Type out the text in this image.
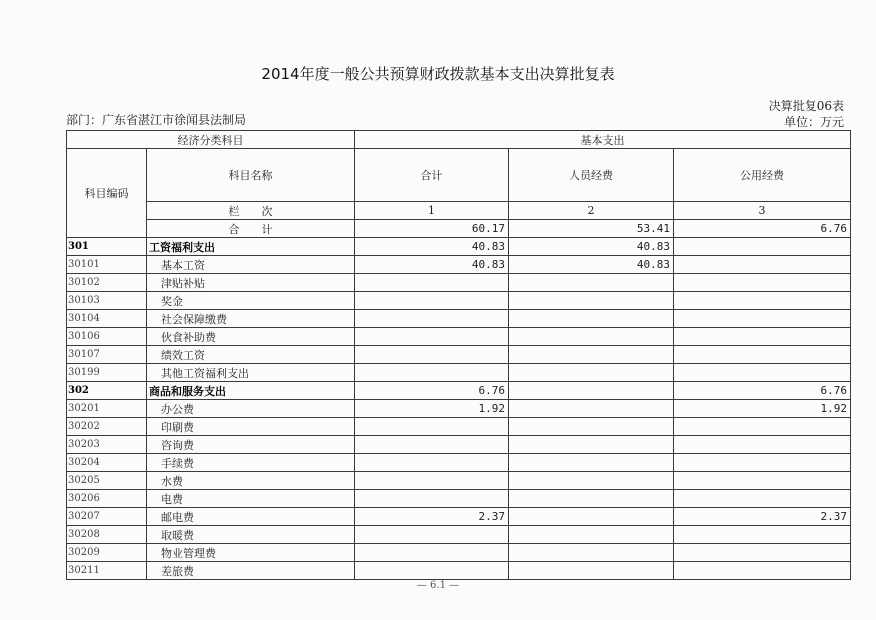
2014年度一般公共预算财政拨款基本支出决算批复表
决算批复06表
部门：广东省湛江市徐闻县法制局	单位：万元
经济分类科目		基本支出		
科目编码	科目名称	合计	人员经费	公用经费
	栏　　次	1	2	3
	合　　计	60.17	53.41	6.76
301	工资福利支出	40.83	40.83	
30101	基本工资	40.83	40.83	
30102	津贴补贴			
30103	奖金			
30104	社会保障缴费			
30106	伙食补助费			
30107	绩效工资			
30199	其他工资福利支出			
302	商品和服务支出	6.76		6.76
30201	办公费	1.92		1.92
30202	印刷费			
30203	咨询费			
30204	手续费			
30205	水费			
30206	电费			
30207	邮电费	2.37		2.37
30208	取暖费			
30209	物业管理费			
30211	差旅费			
— 6.1 —
